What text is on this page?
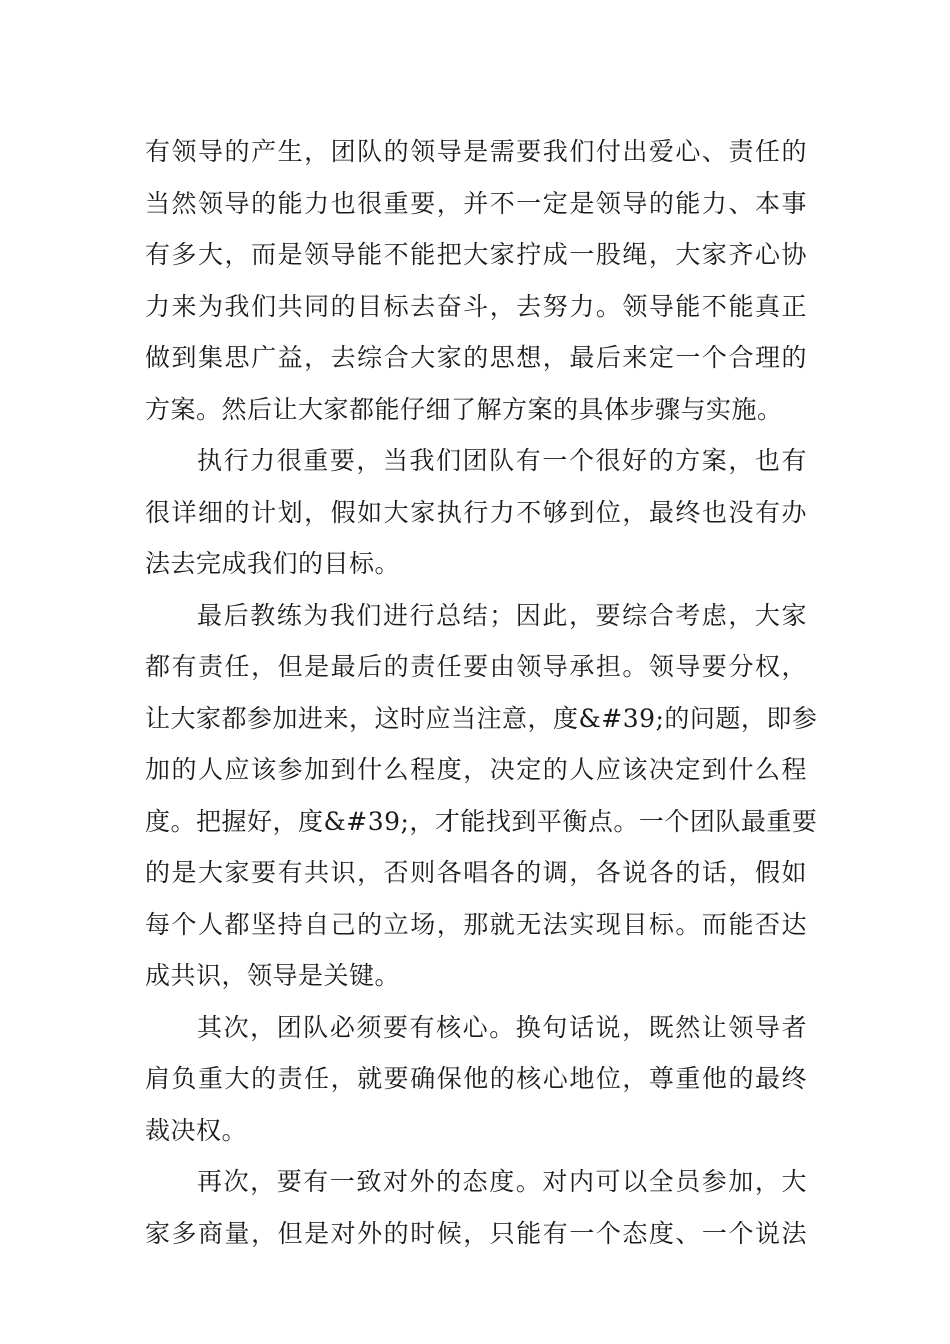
有领导的产生，团队的领导是需要我们付出爱心、责任的
当然领导的能力也很重要，并不一定是领导的能力、本事
有多大，而是领导能不能把大家拧成一股绳，大家齐心协
力来为我们共同的目标去奋斗，去努力。领导能不能真正
做到集思广益，去综合大家的思想，最后来定一个合理的
方案。然后让大家都能仔细了解方案的具体步骤与实施。
执行力很重要，当我们团队有一个很好的方案，也有
很详细的计划，假如大家执行力不够到位，最终也没有办
法去完成我们的目标。
最后教练为我们进行总结；因此，要综合考虑，大家
都有责任，但是最后的责任要由领导承担。领导要分权，
让大家都参加进来，这时应当注意，度&#39;的问题，即参
加的人应该参加到什么程度，决定的人应该决定到什么程
度。把握好，度&#39;，才能找到平衡点。一个团队最重要
的是大家要有共识，否则各唱各的调，各说各的话，假如
每个人都坚持自己的立场，那就无法实现目标。而能否达
成共识，领导是关键。
其次，团队必须要有核心。换句话说，既然让领导者
肩负重大的责任，就要确保他的核心地位，尊重他的最终
裁决权。
再次，要有一致对外的态度。对内可以全员参加，大
家多商量，但是对外的时候，只能有一个态度、一个说法
